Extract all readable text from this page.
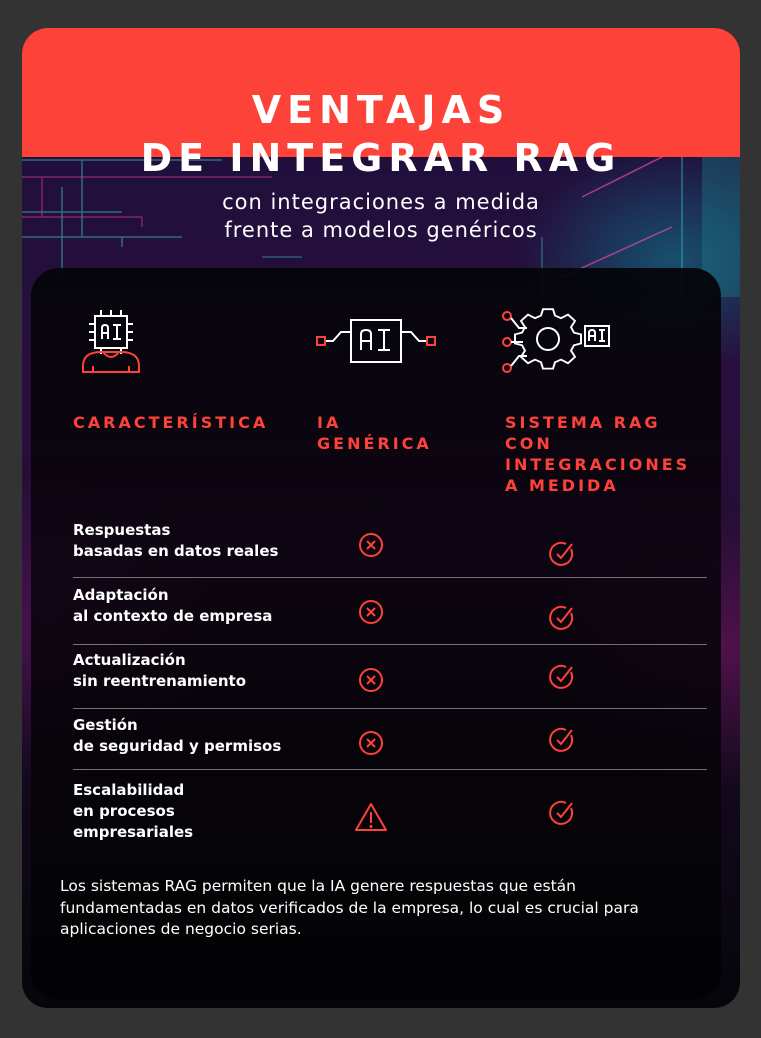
VENTAJAS
DE INTEGRAR RAG
con integraciones a medida
frente a modelos genéricos
CARACTERÍSTICA	IA
GENÉRICA
SISTEMA RAG
CON
INTEGRACIONES
A MEDIDA
Respuestas
basadas en datos reales
Adaptación
al contexto de empresa
Actualización
sin reentrenamiento
Gestión
de seguridad y permisos
Escalabilidad
en procesos
empresariales
Los sistemas RAG permiten que la IA genere respuestas que están fundamentadas en datos verificados de la empresa, lo cual es crucial para aplicaciones de negocio serias.
